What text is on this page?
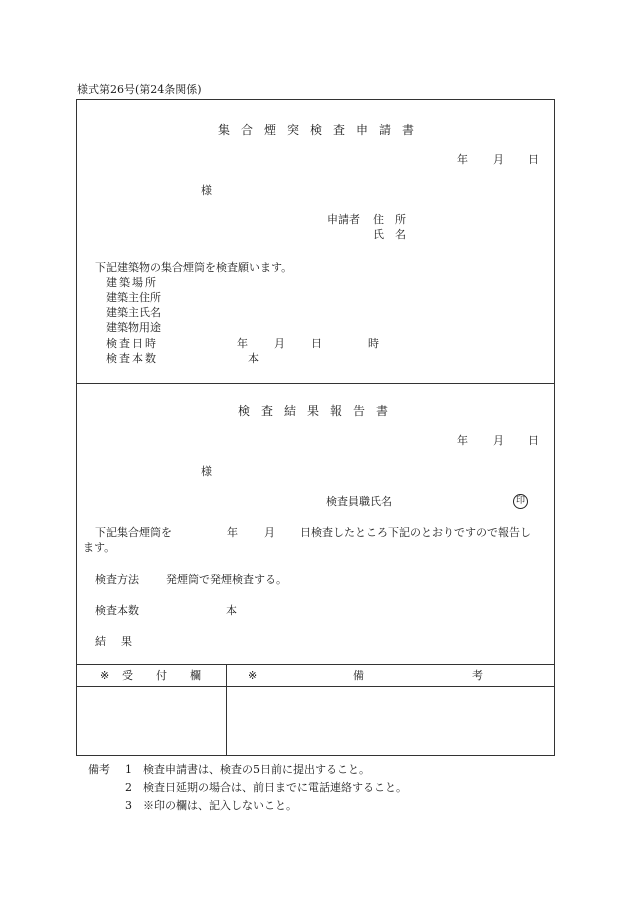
様式第26号(第24条関係)
集合煙突検査申請書
年 月 日
様
申請者 住　所
氏　名
下記建築物の集合煙筒を検査願います。
建築場所
建築主住所
建築主氏名
建築物用途
検査日時	年 月 日	時
検査本数	本
検査結果報告書
年 月 日
様
検査員職氏名	印
下記集合煙筒を	年 月 日検査したところ下記のとおりですので報告し
ます。
検査方法 発煙筒で発煙検査する。
検査本数	本
結　果
※ 受　付　欄	※	備　　　　　　考
備考 1 検査申請書は、検査の5日前に提出すること。
2 検査日延期の場合は、前日までに電話連絡すること。
3 ※印の欄は、記入しないこと。
